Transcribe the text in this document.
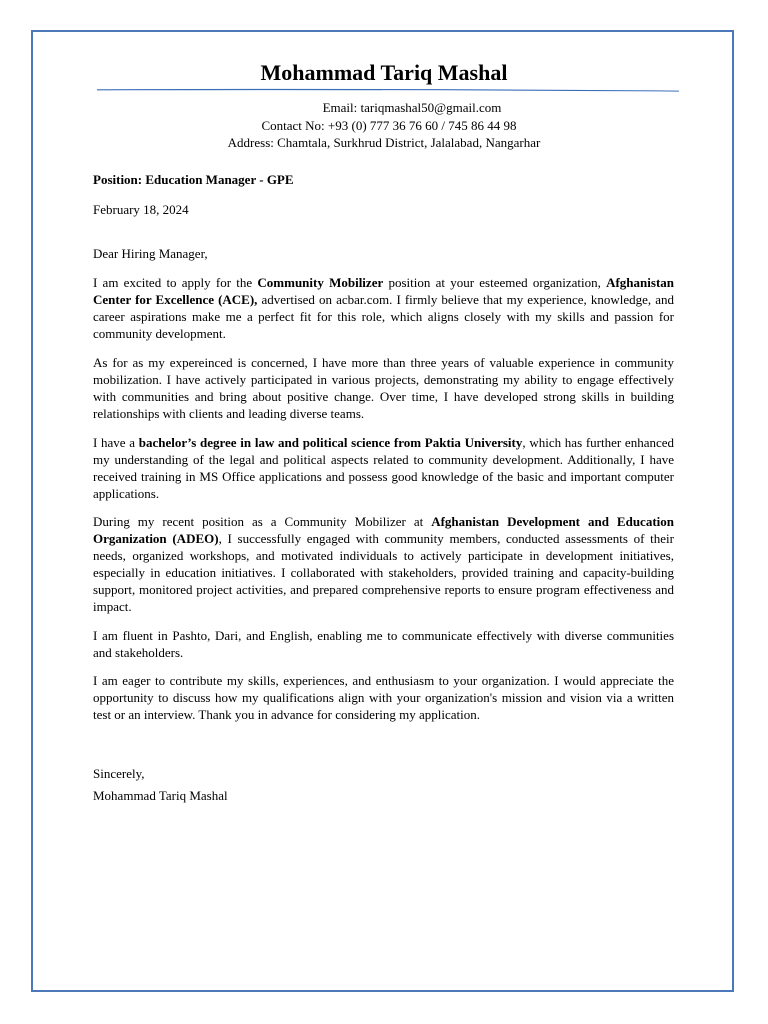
Mohammad Tariq Mashal
Email: tariqmashal50@gmail.com
Contact No: +93 (0) 777 36 76 60 / 745 86 44 98
Address: Chamtala, Surkhrud District, Jalalabad, Nangarhar
Position: Education Manager - GPE
February 18, 2024
Dear Hiring Manager,

I am excited to apply for the Community Mobilizer position at your esteemed organization, Afghanistan Center for Excellence (ACE), advertised on acbar.com. I firmly believe that my experience, knowledge, and career aspirations make me a perfect fit for this role, which aligns closely with my skills and passion for community development.

As for as my expereinced is concerned, I have more than three years of valuable experience in community mobilization. I have actively participated in various projects, demonstrating my ability to engage effectively with communities and bring about positive change. Over time, I have developed strong skills in building relationships with clients and leading diverse teams.

I have a bachelor’s degree in law and political science from Paktia University, which has further enhanced my understanding of the legal and political aspects related to community development. Additionally, I have received training in MS Office applications and possess good knowledge of the basic and important computer applications.

During my recent position as a Community Mobilizer at Afghanistan Development and Education Organization (ADEO), I successfully engaged with community members, conducted assessments of their needs, organized workshops, and motivated individuals to actively participate in development initiatives, especially in education initiatives. I collaborated with stakeholders, provided training and capacity-building support, monitored project activities, and prepared comprehensive reports to ensure program effectiveness and impact.

I am fluent in Pashto, Dari, and English, enabling me to communicate effectively with diverse communities and stakeholders.

I am eager to contribute my skills, experiences, and enthusiasm to your organization. I would appreciate the opportunity to discuss how my qualifications align with your organization's mission and vision via a written test or an interview. Thank you in advance for considering my application.

Sincerely,
Mohammad Tariq Mashal
